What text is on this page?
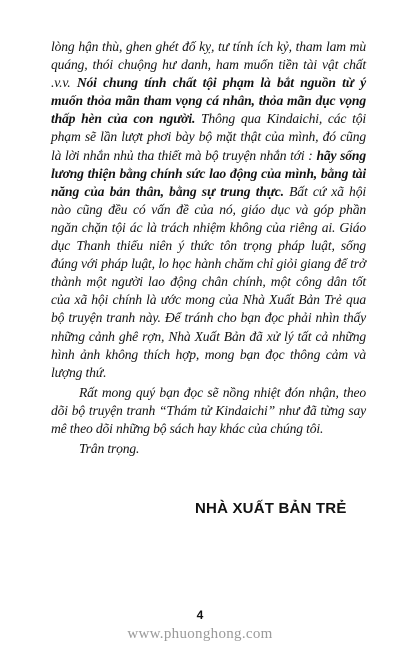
lòng hận thù, ghen ghét đố kỵ, tư tính ích kỷ, tham lam mù quáng, thói chuộng hư danh, ham muốn tiền tài vật chất .v.v. Nói chung tính chất tội phạm là bắt nguồn từ ý muốn thỏa mãn tham vọng cá nhân, thỏa mãn dục vọng thấp hèn của con người. Thông qua Kindaichi, các tội phạm sẽ lần lượt phơi bày bộ mặt thật của mình, đó cũng là lời nhắn nhủ tha thiết mà bộ truyện nhắn tới : hãy sống lương thiện bằng chính sức lao động của mình, bằng tài năng của bản thân, bằng sự trung thực. Bất cứ xã hội nào cũng đều có vấn đề của nó, giáo dục và góp phần ngăn chặn tội ác là trách nhiệm không của riêng ai. Giáo dục Thanh thiếu niên ý thức tôn trọng pháp luật, sống đúng với pháp luật, lo học hành chăm chỉ giỏi giang để trở thành một người lao động chân chính, một công dân tốt của xã hội chính là ước mong của Nhà Xuất Bản Trẻ qua bộ truyện tranh này. Để tránh cho bạn đọc phải nhìn thấy những cảnh ghê rợn, Nhà Xuất Bản đã xử lý tất cả những hình ảnh không thích hợp, mong bạn đọc thông cảm và lượng thứ.

Rất mong quý bạn đọc sẽ nồng nhiệt đón nhận, theo dõi bộ truyện tranh “Thám tử Kindaichi” như đã từng say mê theo dõi những bộ sách hay khác của chúng tôi.

Trân trọng.

NHÀ XUẤT BẢN TRẺ
4
www.phuonghong.com
